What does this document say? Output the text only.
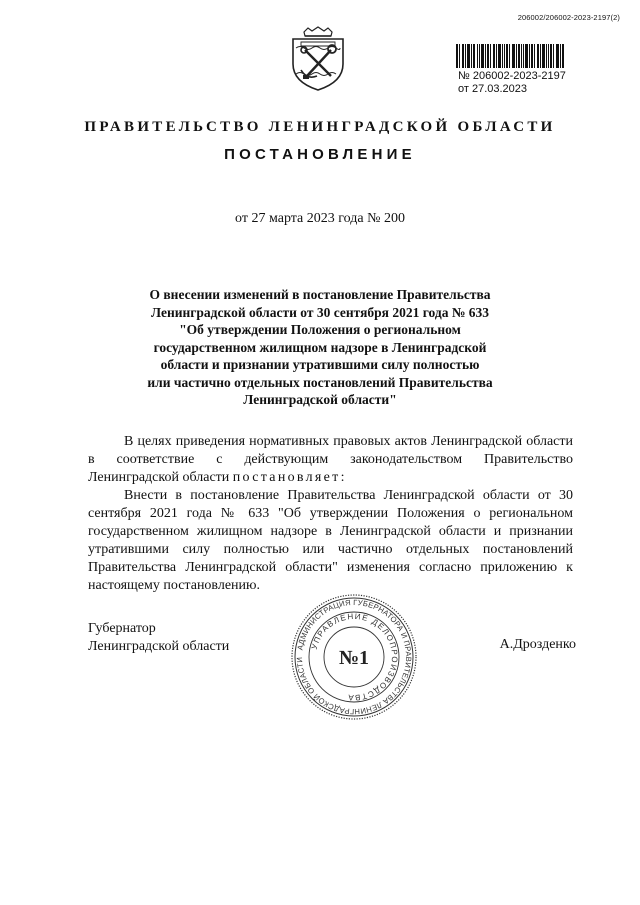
206002/206002-2023-2197(2)
№ 206002-2023-2197
от 27.03.2023
ПРАВИТЕЛЬСТВО ЛЕНИНГРАДСКОЙ ОБЛАСТИ
ПОСТАНОВЛЕНИЕ
от 27 марта 2023 года № 200
О внесении изменений в постановление Правительства
Ленинградской области от 30 сентября 2021 года № 633
"Об утверждении Положения о региональном
государственном жилищном надзоре в Ленинградской
области и признании утратившими силу полностью
или частично отдельных постановлений Правительства
Ленинградской области"

В целях приведения нормативных правовых актов Ленинградской области в соответствие с действующим законодательством Правительство Ленинградской области постановляет:

Внести в постановление Правительства Ленинградской области от 30 сентября 2021 года № 633 "Об утверждении Положения о региональном государственном жилищном надзоре в Ленинградской области и признании утратившими силу полностью или частично отдельных постановлений Правительства Ленинградской области" изменения согласно приложению к настоящему постановлению.

Губернатор
Ленинградской области	АДМИНИСТРАЦИЯ ГУБЕРНАТОРА И ПРАВИТЕЛЬСТВА ЛЕНИНГРАДСКОЙ ОБЛАСТИ
УПРАВЛЕНИЕ ДЕЛОПРОИЗВОДСТВА
№1
А.Дрозденко
